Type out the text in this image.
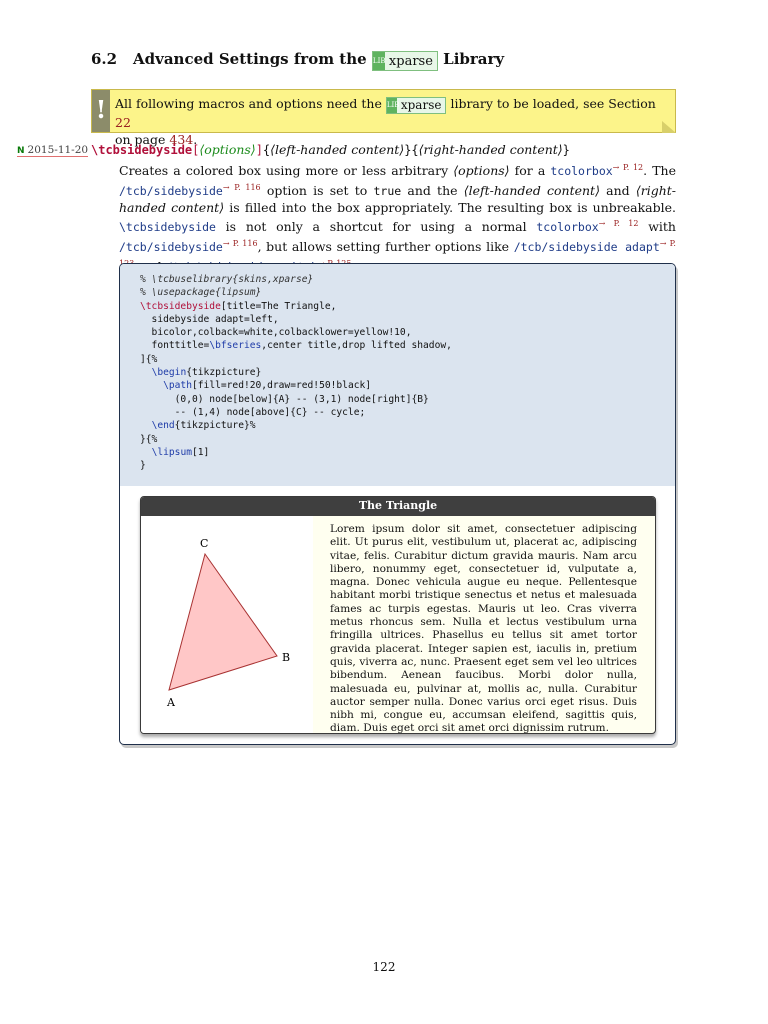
6.2 Advanced Settings from the LIB xparse Library
! All following macros and options need the LIB xparse library to be loaded, see Section 22
on page 434.
N 2015-11-20 \tcbsidebyside[⟨options⟩]{⟨left-handed content⟩}{⟨right-handed content⟩}
Creates a colored box using more or less arbitrary ⟨options⟩ for a tcolorbox$^{\to P. 12}$. The /tcb/sidebyside$^{\to P. 116}$ option is set to true and the ⟨left-handed content⟩ and ⟨right-handed content⟩ is filled into the box appropriately. The resulting box is unbreakable. \tcbsidebyside is not only a shortcut for using a normal tcolorbox$^{\to P. 12}$ with /tcb/sidebyside$^{\to P. 116}$, but allows setting further options like /tcb/sidebyside adapt$^{\to P.}$
% \tcbuselibrary{skins,xparse}
% \usepackage{lipsum}
\tcbsidebyside[title=The Triangle,
sidebyside adapt=left,
bicolor,colback=white,colbacklower=yellow!10,
fonttitle=\bfseries,center title,drop lifted shadow,
]{%
\begin{tikzpicture}
\path[fill=red!20,draw=red!50!black]
(0,0) node[below]{A} -- (3,1) node[right]{B}
-- (1,4) node[above]{C} -- cycle;
\end{tikzpicture}%
}{%
\lipsum[1]
}
The Triangle
A
B
C
Lorem ipsum dolor sit amet, consectetuer adipiscing elit. Ut purus elit, vestibulum ut, placerat ac, adipiscing vitae, felis. Curabitur dictum gravida mauris. Nam arcu libero, nonummy eget, consectetuer id, vulputate a, magna. Donec vehicula augue eu neque. Pellentesque habitant morbi tristique senectus et netus et malesuada fames ac turpis egestas. Mauris ut leo. Cras viverra metus rhoncus sem. Nulla et lectus vestibulum urna fringilla ultrices. Phasellus eu tellus sit amet tortor gravida placerat. Integer sapien est, iaculis in, pretium quis, viverra ac, nunc. Praesent eget sem vel leo ultrices bibendum. Aenean faucibus. Morbi dolor nulla, malesuada eu, pulvinar at, mollis ac, nulla. Curabitur auctor semper nulla. Donec varius orci eget risus. Duis nibh mi, congue eu, accumsan eleifend, sagittis quis, diam. Duis eget orci sit amet orci dignissim rutrum.
122
